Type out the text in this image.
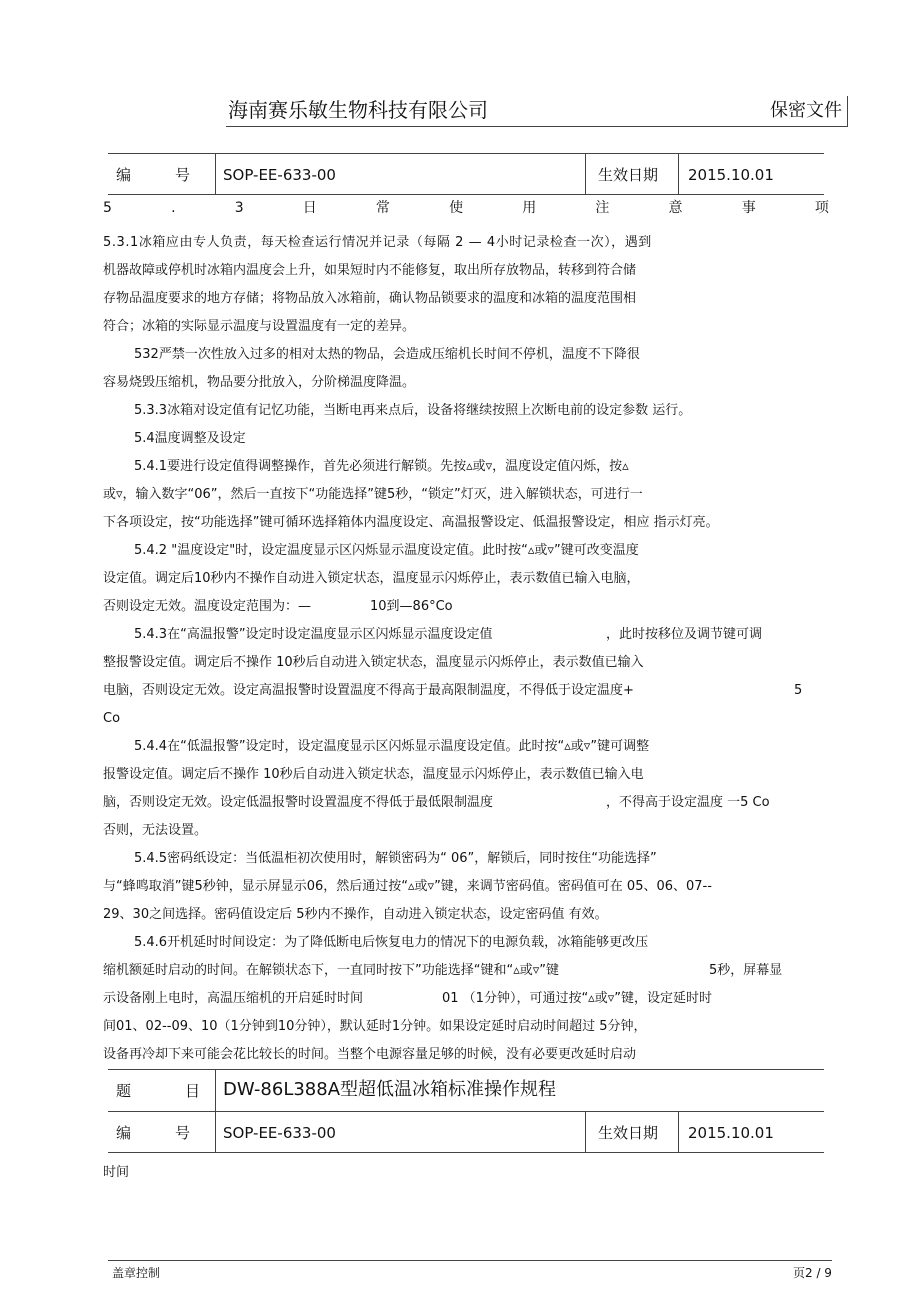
海南赛乐敏生物科技有限公司	保密文件
编	号 SOP-EE-633-00	生效日期 2015.10.01
5	.	3	日	常	使	用	注	意	事	项
5.3.1冰箱应由专人负责，每天检查运行情况并记录（每隔 2 — 4小时记录检查一次），遇到
机器故障或停机时冰箱内温度会上升，如果短时内不能修复，取出所存放物品，转移到符合储
存物品温度要求的地方存储；将物品放入冰箱前，确认物品锁要求的温度和冰箱的温度范围相
符合；冰箱的实际显示温度与设置温度有一定的差异。
532严禁一次性放入过多的相对太热的物品，会造成压缩机长时间不停机，温度不下降很
容易烧毁压缩机，物品要分批放入，分阶梯温度降温。
5.3.3冰箱对设定值有记忆功能，当断电再来点后，设备将继续按照上次断电前的设定参数 运行。
5.4温度调整及设定
5.4.1要进行设定值得调整操作，首先必须进行解锁。先按▵或▿，温度设定值闪烁，按▵
或▿，输入数字“06”，然后一直按下“功能选择”键5秒，“锁定”灯灭，进入解锁状态，可进行一
下各项设定，按“功能选择”键可循环选择箱体内温度设定、高温报警设定、低温报警设定，相应 指示灯亮。
5.4.2 "温度设定"时，设定温度显示区闪烁显示温度设定值。此时按“▵或▿”键可改变温度
设定值。调定后10秒内不操作自动进入锁定状态，温度显示闪烁停止，表示数值已输入电脑，
否则设定无效。温度设定范围为：—	10到—86°Co
5.4.3在“高温报警”设定时设定温度显示区闪烁显示温度设定值	，此时按移位及调节键可调
整报警设定值。调定后不操作 10秒后自动进入锁定状态，温度显示闪烁停止，表示数值已输入
电脑，否则设定无效。设定高温报警时设置温度不得高于最高限制温度，不得低于设定温度+	5
Co
5.4.4在“低温报警”设定时，设定温度显示区闪烁显示温度设定值。此时按“▵或▿”键可调整
报警设定值。调定后不操作 10秒后自动进入锁定状态，温度显示闪烁停止，表示数值已输入电
脑，否则设定无效。设定低温报警时设置温度不得低于最低限制温度	，不得高于设定温度 一5 Co
否则，无法设置。
5.4.5密码纸设定：当低温柜初次使用时，解锁密码为“ 06”，解锁后，同时按住“功能选择”
与“蜂鸣取消”键5秒钟，显示屏显示06，然后通过按“▵或▿”键，来调节密码值。密码值可在 05、06、07--
29、30之间选择。密码值设定后 5秒内不操作，自动进入锁定状态，设定密码值 有效。
5.4.6开机延时时间设定：为了降低断电后恢复电力的情况下的电源负载，冰箱能够更改压
缩机额延时启动的时间。在解锁状态下，一直同时按下”功能选择“键和“▵或▿”键	5秒，屏幕显
示设备刚上电时，高温压缩机的开启延时时间	01 （1分钟），可通过按“▵或▿”键，设定延时时
间01、02--09、10（1分钟到10分钟），默认延时1分钟。如果设定延时启动时间超过 5分钟，
设备再冷却下来可能会花比较长的时间。当整个电源容量足够的时候，没有必要更改延时启动
题	目 DW-86L388A型超低温冰箱标准操作规程
编	号 SOP-EE-633-00	生效日期 2015.10.01
时间
盖章控制	页2 / 9
